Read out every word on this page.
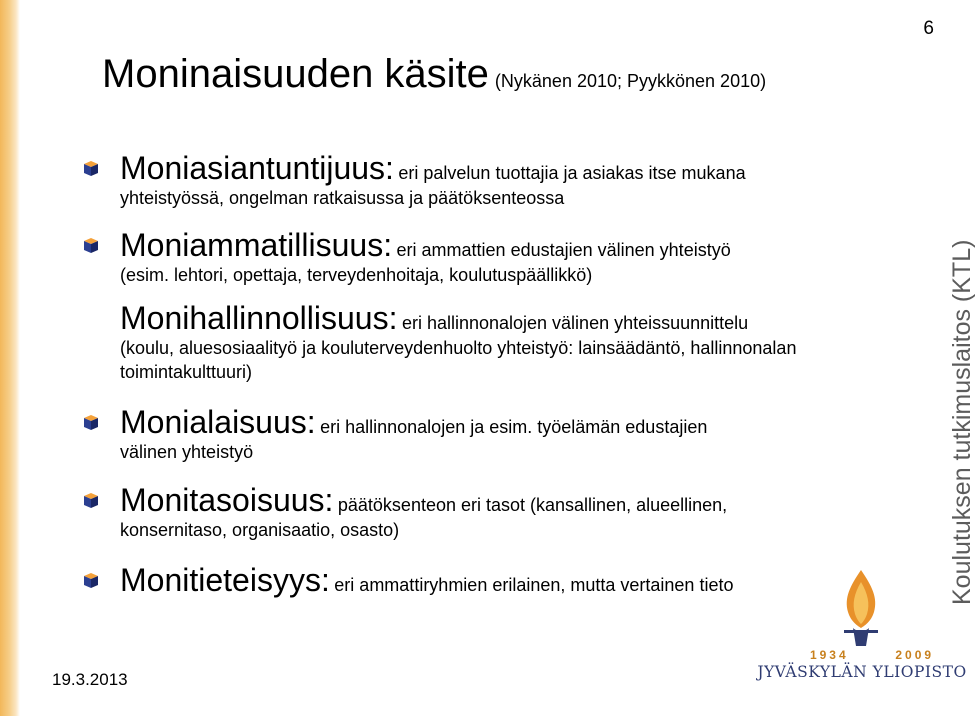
6
Moninaisuuden käsite (Nykänen 2010; Pyykkönen 2010)
Moniasiantuntijuus: eri palvelun tuottajia ja asiakas itse mukana
yhteistyössä, ongelman ratkaisussa ja päätöksenteossa
Moniammatillisuus: eri ammattien edustajien välinen yhteistyö
(esim. lehtori, opettaja, terveydenhoitaja, koulutuspäällikkö)
Monihallinnollisuus: eri hallinnonalojen välinen yhteissuunnittelu
(koulu, aluesosiaalityö ja kouluterveydenhuolto yhteistyö: lainsäädäntö, hallinnonalan toimintakulttuuri)
Monialaisuus: eri hallinnonalojen ja esim. työelämän edustajien
välinen yhteistyö
Monitasoisuus: päätöksenteon eri tasot (kansallinen, alueellinen,
konsernitaso, organisaatio, osasto)
Monitieteisyys: eri ammattiryhmien erilainen, mutta vertainen tieto	Koulutuksen tutkimuslaitos (KTL)
19.3.2013
1934	2009
JYVÄSKYLÄN YLIOPISTO
